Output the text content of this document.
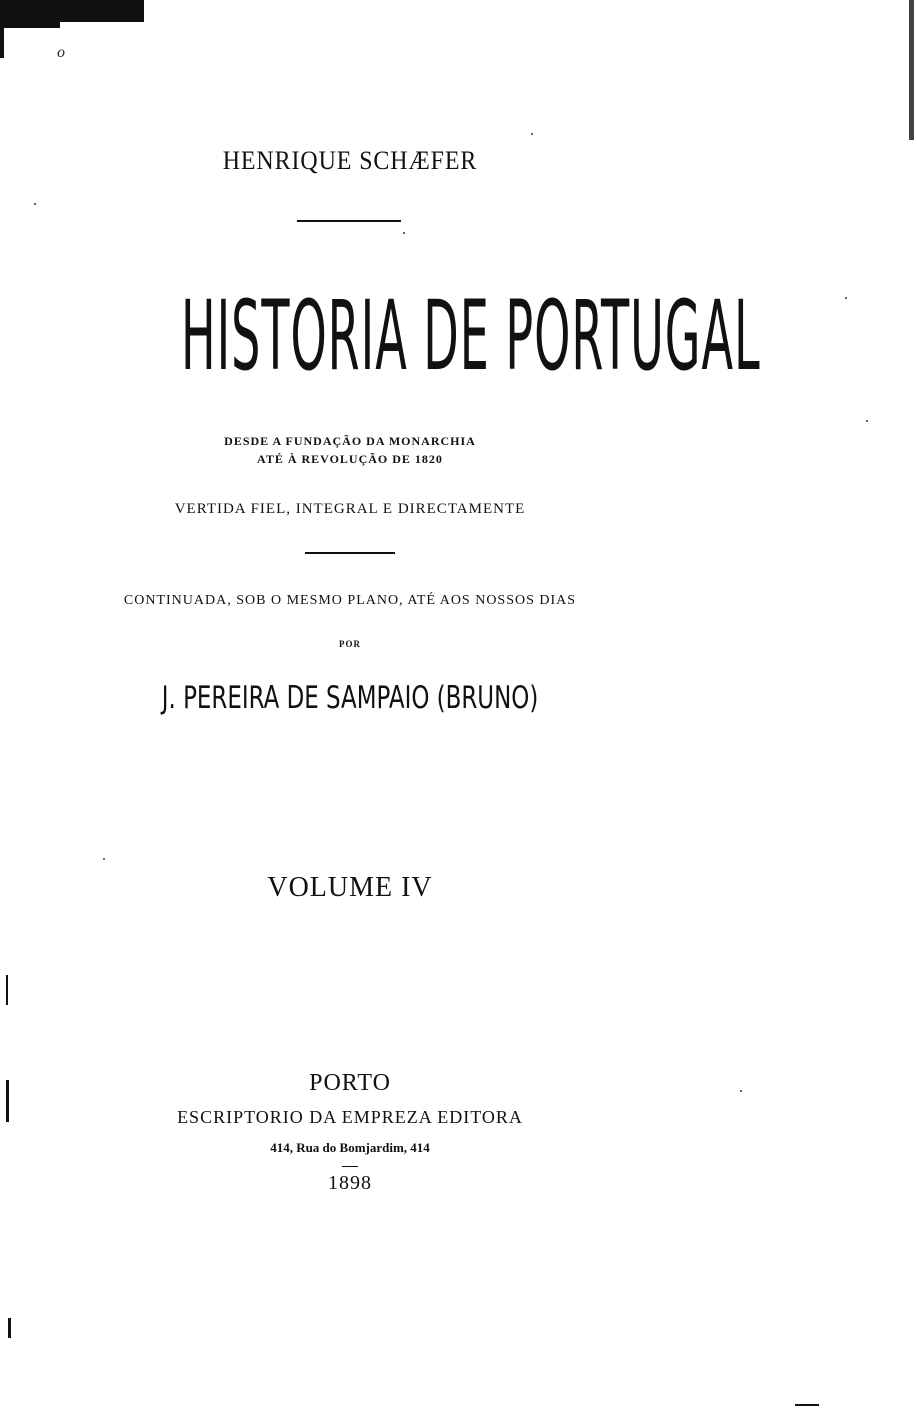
o
HENRIQUE SCHÆFER
HISTORIA DE PORTUGAL
DESDE A FUNDAÇÃO DA MONARCHIA
ATÉ À REVOLUÇÃO DE 1820
VERTIDA FIEL, INTEGRAL E DIRECTAMENTE
CONTINUADA, SOB O MESMO PLANO, ATÉ AOS NOSSOS DIAS
POR
J. PEREIRA DE SAMPAIO (BRUNO)
VOLUME IV
PORTO
ESCRIPTORIO DA EMPREZA EDITORA
414, Rua do Bomjardim, 414
1898
